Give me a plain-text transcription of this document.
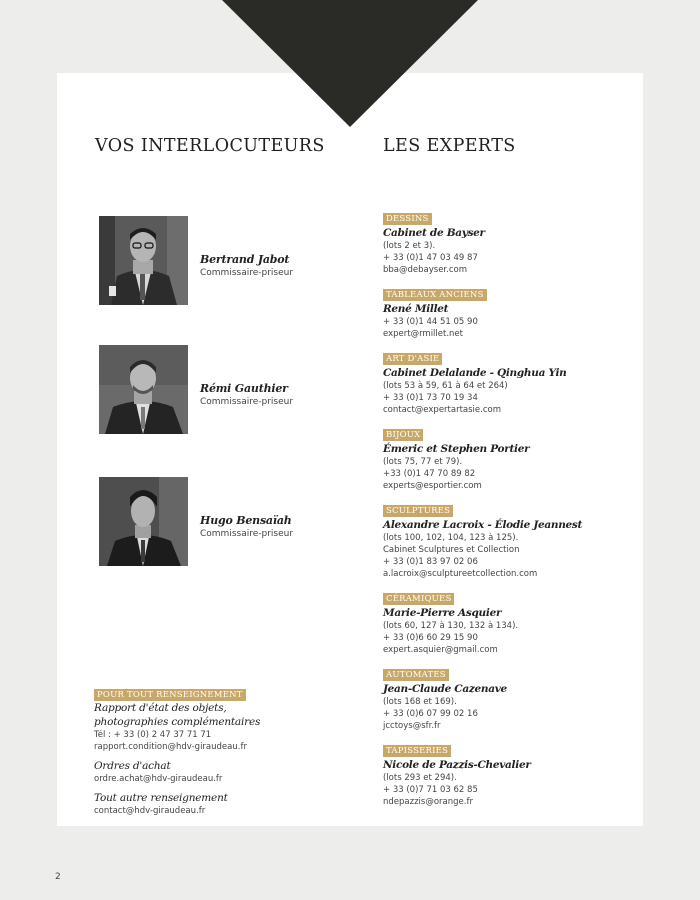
VOS INTERLOCUTEURS	LES EXPERTS
Bertrand Jabot
Commissaire-priseur
Rémi Gauthier
Commissaire-priseur
Hugo Bensaïah
Commissaire-priseur
DESSINS
Cabinet de Bayser
(lots 2 et 3).
+ 33 (0)1 47 03 49 87
bba@debayser.com
TABLEAUX ANCIENS
René Millet
+ 33 (0)1 44 51 05 90
expert@rmillet.net
ART D'ASIE
Cabinet Delalande - Qinghua Yin
(lots 53 à 59, 61 à 64 et 264)
+ 33 (0)1 73 70 19 34
contact@expertartasie.com
BIJOUX
Émeric et Stephen Portier
(lots 75, 77 et 79).
+33 (0)1 47 70 89 82
experts@esportier.com
SCULPTURES
Alexandre Lacroix - Élodie Jeannest
(lots 100, 102, 104, 123 à 125).
Cabinet Sculptures et Collection
+ 33 (0)1 83 97 02 06
a.lacroix@sculptureetcollection.com
CÉRAMIQUES
Marie-Pierre Asquier
(lots 60, 127 à 130, 132 à 134).
+ 33 (0)6 60 29 15 90
expert.asquier@gmail.com
AUTOMATES
Jean-Claude Cazenave
(lots 168 et 169).
+ 33 (0)6 07 99 02 16
jcctoys@sfr.fr
TAPISSERIES
Nicole de Pazzis-Chevalier
(lots 293 et 294).
+ 33 (0)7 71 03 62 85
ndepazzis@orange.fr
POUR TOUT RENSEIGNEMENT
Rapport d'état des objets,
photographies complémentaires
Tél : + 33 (0) 2 47 37 71 71
rapport.condition@hdv-giraudeau.fr
Ordres d'achat
ordre.achat@hdv-giraudeau.fr
Tout autre renseignement
contact@hdv-giraudeau.fr
2
